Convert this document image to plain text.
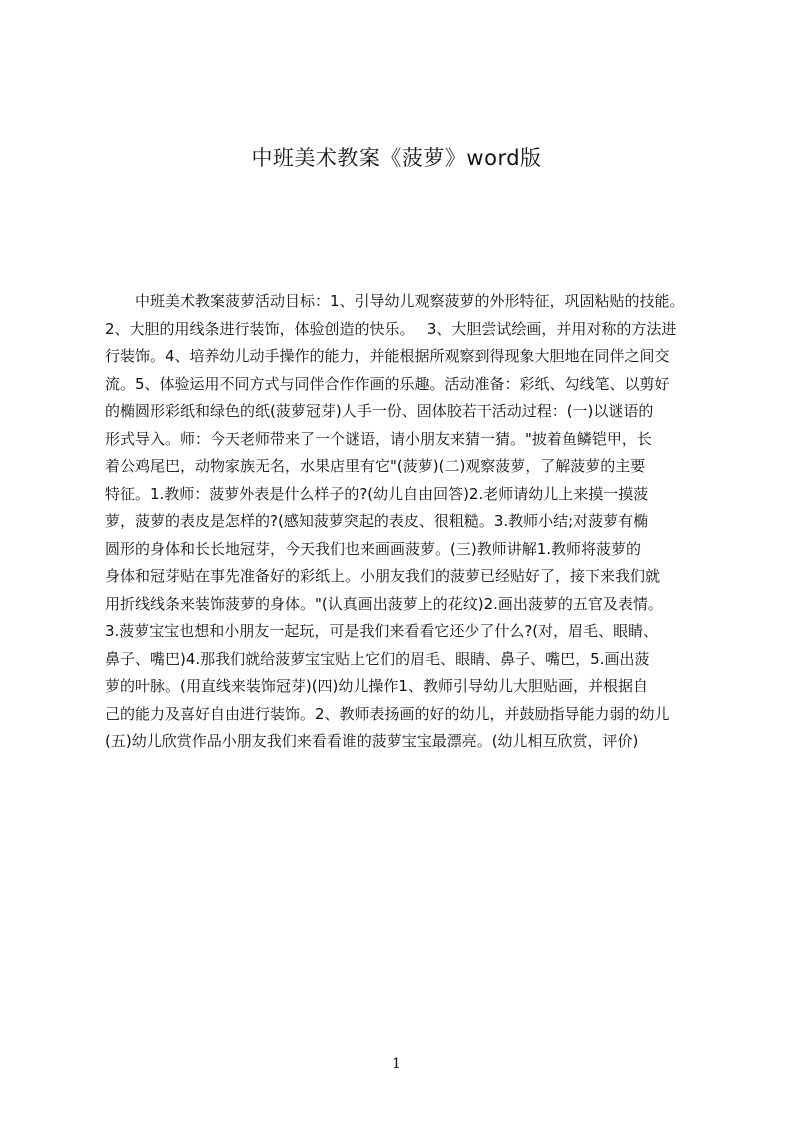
中班美术教案《菠萝》word版
　　中班美术教案菠萝活动目标：1、引导幼儿观察菠萝的外形特征，巩固粘贴的技能。
2、大胆的用线条进行装饰，体验创造的快乐。　 3、大胆尝试绘画，并用对称的方法进
行装饰。4、培养幼儿动手操作的能力，并能根据所观察到得现象大胆地在同伴之间交
流。5、体验运用不同方式与同伴合作作画的乐趣。活动准备：彩纸、勾线笔、以剪好
的椭圆形彩纸和绿色的纸(菠萝冠芽)人手一份、固体胶若干活动过程：(一)以谜语的
形式导入。师：今天老师带来了一个谜语，请小朋友来猜一猜。"披着鱼鳞铠甲，长
着公鸡尾巴，动物家族无名，水果店里有它"(菠萝)(二)观察菠萝，了解菠萝的主要
特征。1.教师：菠萝外表是什么样子的?(幼儿自由回答)2.老师请幼儿上来摸一摸菠
萝，菠萝的表皮是怎样的?(感知菠萝突起的表皮、很粗糙。3.教师小结;对菠萝有椭
圆形的身体和长长地冠芽，今天我们也来画画菠萝。(三)教师讲解1.教师将菠萝的
身体和冠芽贴在事先准备好的彩纸上。小朋友我们的菠萝已经贴好了，接下来我们就
用折线线条来装饰菠萝的身体。"(认真画出菠萝上的花纹)2.画出菠萝的五官及表情。
3.菠萝宝宝也想和小朋友一起玩，可是我们来看看它还少了什么?(对，眉毛、眼睛、
鼻子、嘴巴)4.那我们就给菠萝宝宝贴上它们的眉毛、眼睛、鼻子、嘴巴，5.画出菠
萝的叶脉。(用直线来装饰冠芽)(四)幼儿操作1、教师引导幼儿大胆贴画，并根据自
己的能力及喜好自由进行装饰。2、教师表扬画的好的幼儿，并鼓励指导能力弱的幼儿
(五)幼儿欣赏作品小朋友我们来看看谁的菠萝宝宝最漂亮。(幼儿相互欣赏，评价)
1
